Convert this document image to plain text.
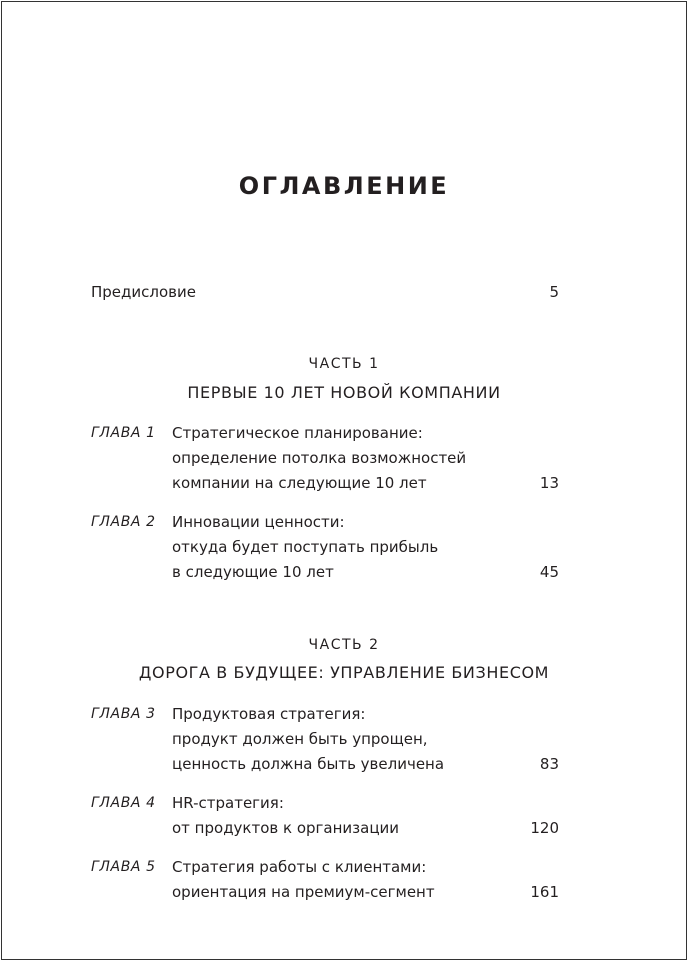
ОГЛАВЛЕНИЕ
Предисловие	5
ЧАСТЬ 1
ПЕРВЫЕ 10 ЛЕТ НОВОЙ КОМПАНИИ
ГЛАВА 1 Стратегическое планирование:
определение потолка возможностей
компании на следующие 10 лет	13
ГЛАВА 2 Инновации ценности:
откуда будет поступать прибыль
в следующие 10 лет	45
ЧАСТЬ 2
ДОРОГА В БУДУЩЕЕ: УПРАВЛЕНИЕ БИЗНЕСОМ
ГЛАВА 3 Продуктовая стратегия:
продукт должен быть упрощен,
ценность должна быть увеличена	83
ГЛАВА 4 HR-стратегия:
от продуктов к организации	120
ГЛАВА 5 Стратегия работы с клиентами:
ориентация на премиум-сегмент	161
